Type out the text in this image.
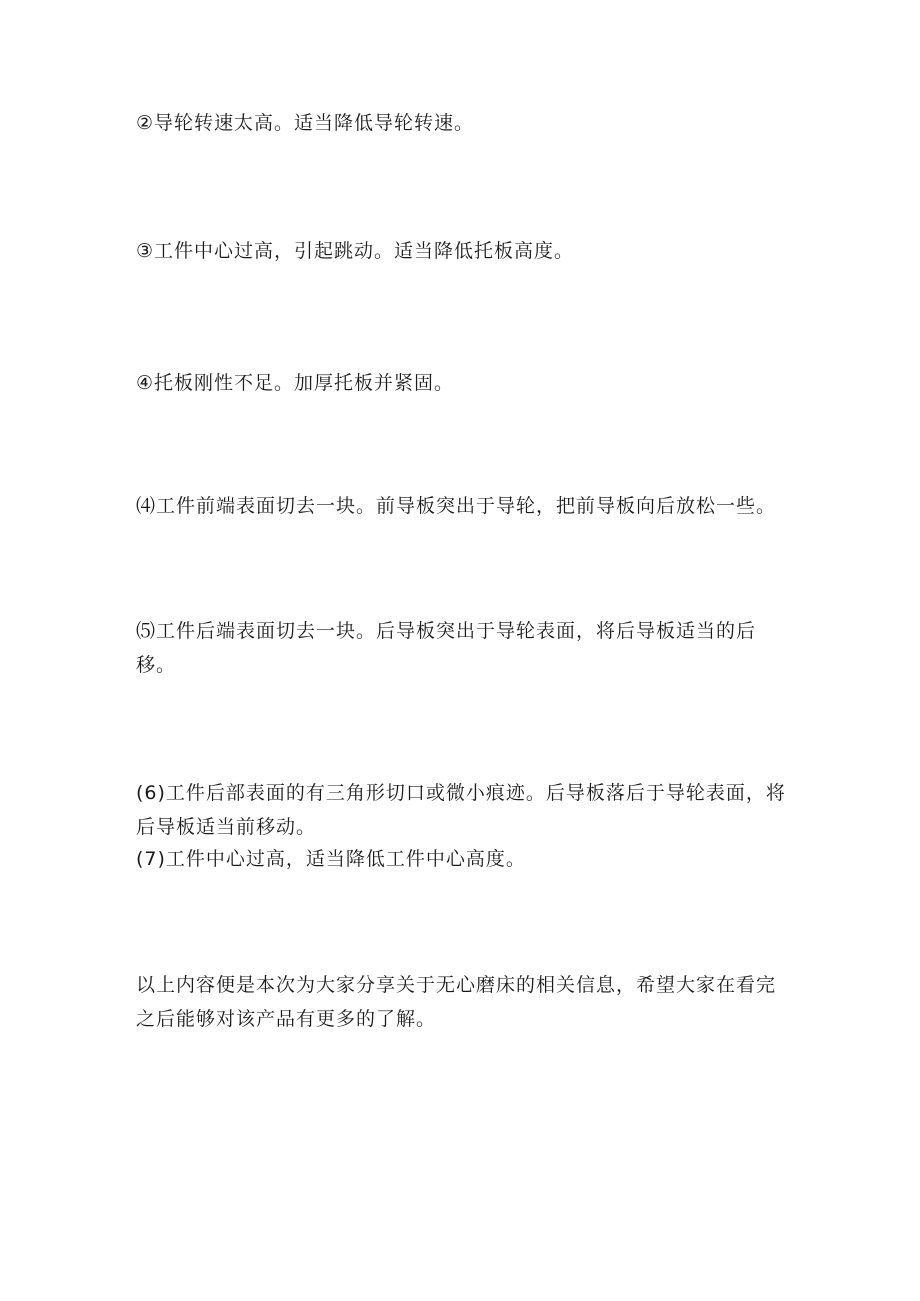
②导轮转速太高。适当降低导轮转速。

③工件中心过高，引起跳动。适当降低托板高度。

④托板刚性不足。加厚托板并紧固。

⑷工件前端表面切去一块。前导板突出于导轮，把前导板向后放松一些。

⑸工件后端表面切去一块。后导板突出于导轮表面，将后导板适当的后
移。

(6)工件后部表面的有三角形切口或微小痕迹。后导板落后于导轮表面，将
后导板适当前移动。

(7)工件中心过高，适当降低工件中心高度。

以上内容便是本次为大家分享关于无心磨床的相关信息，希望大家在看完
之后能够对该产品有更多的了解。
